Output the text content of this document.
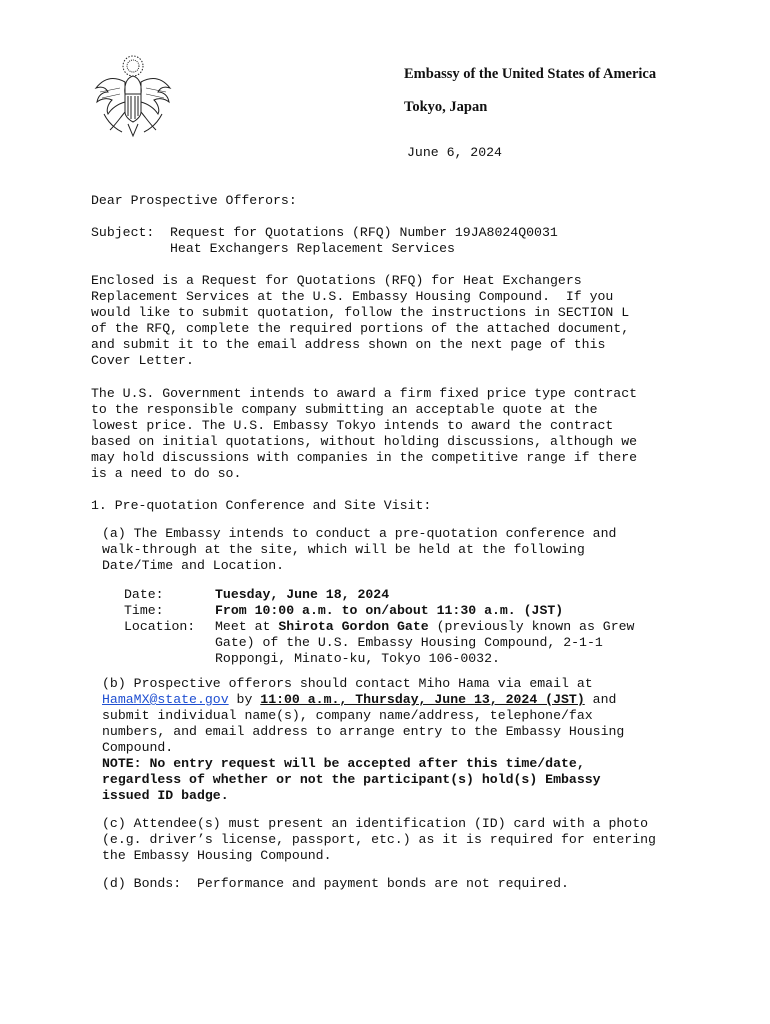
Embassy of the United States of America
Tokyo, Japan
June 6, 2024
Dear Prospective Offerors:
Subject: Request for Quotations (RFQ) Number 19JA8024Q0031
Heat Exchangers Replacement Services
Enclosed is a Request for Quotations (RFQ) for Heat Exchangers
Replacement Services at the U.S. Embassy Housing Compound.  If you
would like to submit quotation, follow the instructions in SECTION L
of the RFQ, complete the required portions of the attached document,
and submit it to the email address shown on the next page of this
Cover Letter.
The U.S. Government intends to award a firm fixed price type contract
to the responsible company submitting an acceptable quote at the
lowest price. The U.S. Embassy Tokyo intends to award the contract
based on initial quotations, without holding discussions, although we
may hold discussions with companies in the competitive range if there
is a need to do so.
1. Pre-quotation Conference and Site Visit:
(a) The Embassy intends to conduct a pre-quotation conference and
walk-through at the site, which will be held at the following
Date/Time and Location.
Date:	Tuesday, June 18, 2024
Time:	From 10:00 a.m. to on/about 11:30 a.m. (JST)
Location: Meet at Shirota Gordon Gate (previously known as Grew
Gate) of the U.S. Embassy Housing Compound, 2-1-1
Roppongi, Minato-ku, Tokyo 106-0032.
(b) Prospective offerors should contact Miho Hama via email at
HamaMX@state.gov by 11:00 a.m., Thursday, June 13, 2024 (JST) and
submit individual name(s), company name/address, telephone/fax
numbers, and email address to arrange entry to the Embassy Housing
Compound.
NOTE: No entry request will be accepted after this time/date,
regardless of whether or not the participant(s) hold(s) Embassy
issued ID badge.
(c) Attendee(s) must present an identification (ID) card with a photo
(e.g. driver’s license, passport, etc.) as it is required for entering
the Embassy Housing Compound.
(d) Bonds:  Performance and payment bonds are not required.
